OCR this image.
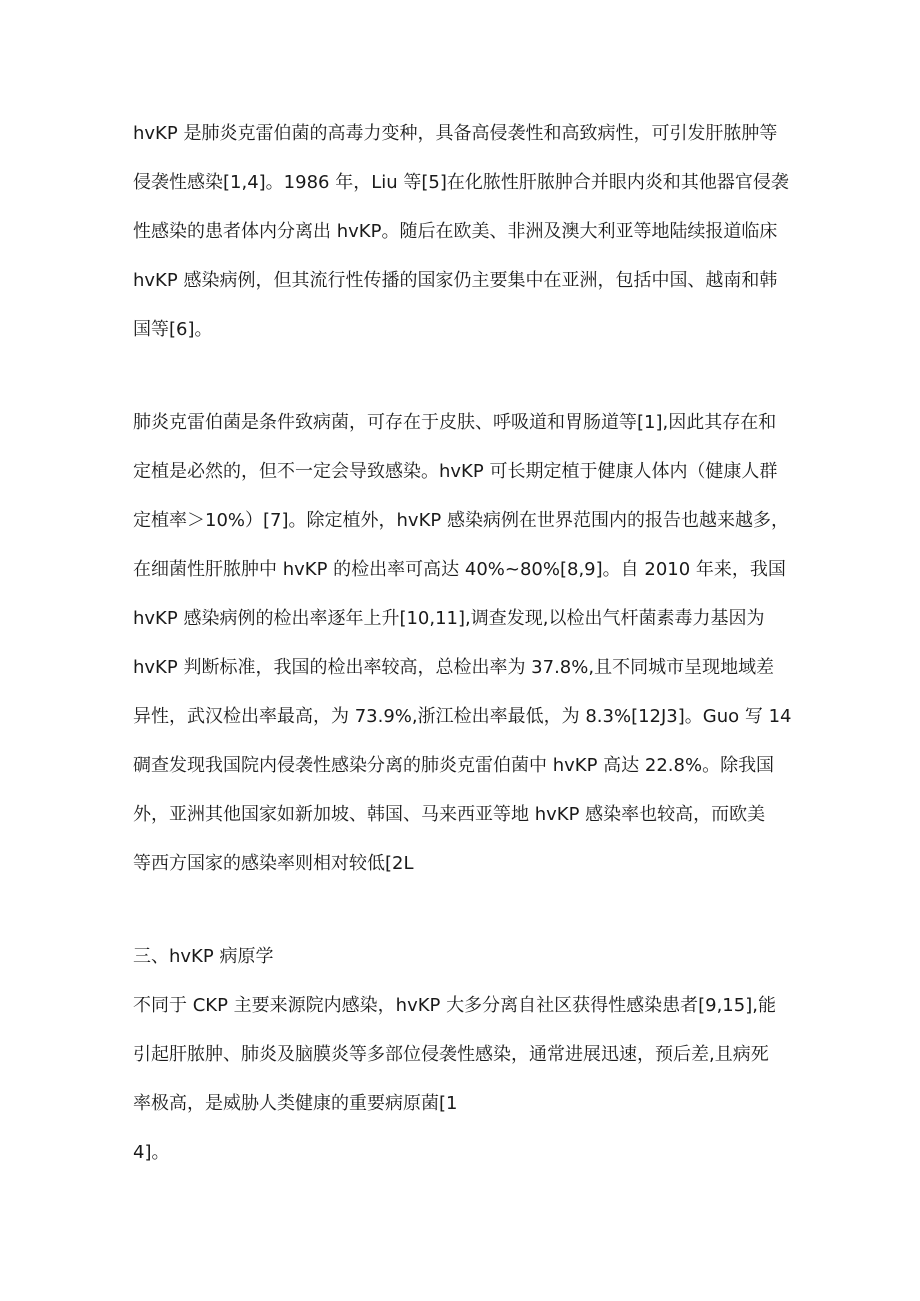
hvKP 是肺炎克雷伯菌的高毒力变种，具备高侵袭性和高致病性，可引发肝脓肿等

侵袭性感染[1,4]。1986 年，Liu 等[5]在化脓性肝脓肿合并眼内炎和其他器官侵袭

性感染的患者体内分离出 hvKP。随后在欧美、非洲及澳大利亚等地陆续报道临床

hvKP 感染病例，但其流行性传播的国家仍主要集中在亚洲，包括中国、越南和韩

国等[6]。

肺炎克雷伯菌是条件致病菌，可存在于皮肤、呼吸道和胃肠道等[1],因此其存在和

定植是必然的，但不一定会导致感染。hvKP 可长期定植于健康人体内（健康人群

定植率＞10%）[7]。除定植外，hvKP 感染病例在世界范围内的报告也越来越多，

在细菌性肝脓肿中 hvKP 的检出率可高达 40%~80%[8,9]。自 2010 年来，我国

hvKP 感染病例的检出率逐年上升[10,11],调查发现,以检出气杆菌素毒力基因为

hvKP 判断标准，我国的检出率较高，总检出率为 37.8%,且不同城市呈现地域差

异性，武汉检出率最高，为 73.9%,浙江检出率最低，为 8.3%[12J3]。Guo 写 14

碉查发现我国院内侵袭性感染分离的肺炎克雷伯菌中 hvKP 高达 22.8%。除我国

外，亚洲其他国家如新加坡、韩国、马来西亚等地 hvKP 感染率也较高，而欧美

等西方国家的感染率则相对较低[2L

三、hvKP 病原学

不同于 CKP 主要来源院内感染，hvKP 大多分离自社区获得性感染患者[9,15],能

引起肝脓肿、肺炎及脑膜炎等多部位侵袭性感染，通常进展迅速，预后差,且病死

率极高，是威胁人类健康的重要病原菌[1

4]。
